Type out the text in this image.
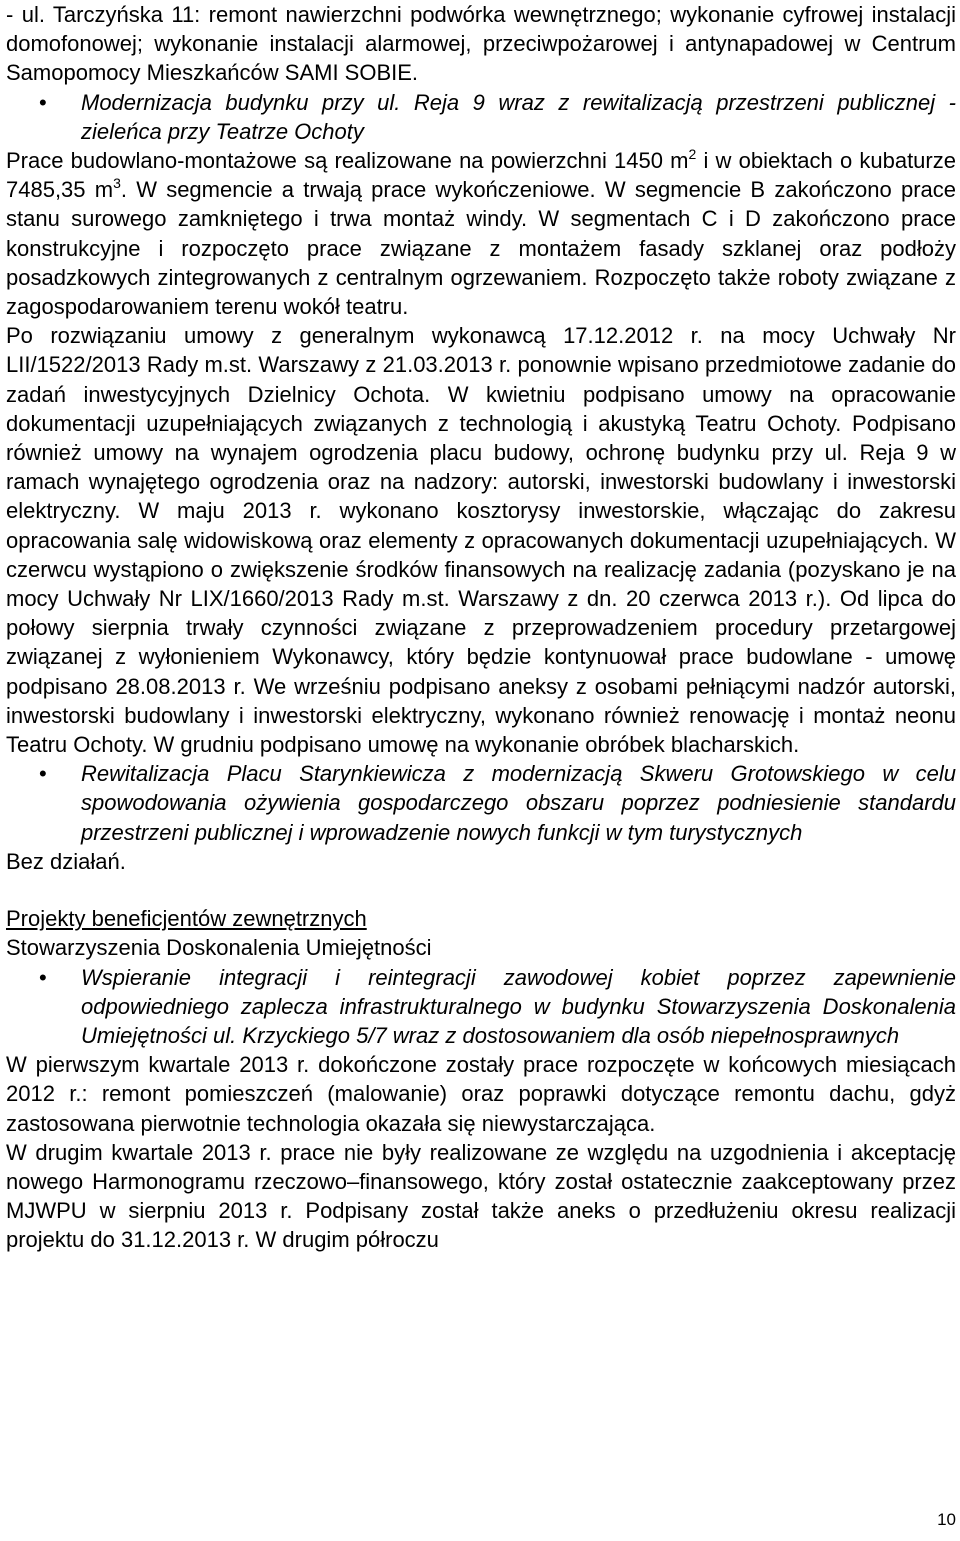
- ul. Tarczyńska 11: remont nawierzchni podwórka wewnętrznego; wykonanie cyfrowej instalacji domofonowej; wykonanie instalacji alarmowej, przeciwpożarowej i antynapadowej w Centrum Samopomocy Mieszkańców SAMI SOBIE.

• Modernizacja budynku przy ul. Reja 9 wraz z rewitalizacją przestrzeni publicznej - zieleńca przy Teatrze Ochoty

Prace budowlano-montażowe są realizowane na powierzchni 1450 $m^2$ i w obiektach o kubaturze 7485,35 $m^3$. W segmencie a trwają prace wykończeniowe. W segmencie B zakończono prace stanu surowego zamkniętego i trwa montaż windy. W segmentach C i D zakończono prace konstrukcyjne i rozpoczęto prace związane z montażem fasady szklanej oraz podłoży posadzkowych zintegrowanych z centralnym ogrzewaniem. Rozpoczęto także roboty związane z zagospodarowaniem terenu wokół teatru.

Po rozwiązaniu umowy z generalnym wykonawcą 17.12.2012 r. na mocy Uchwały Nr LII/1522/2013 Rady m.st. Warszawy z 21.03.2013 r. ponownie wpisano przedmiotowe zadanie do zadań inwestycyjnych Dzielnicy Ochota. W kwietniu podpisano umowy na opracowanie dokumentacji uzupełniających związanych z technologią i akustyką Teatru Ochoty. Podpisano również umowy na wynajem ogrodzenia placu budowy, ochronę budynku przy ul. Reja 9 w ramach wynajętego ogrodzenia oraz na nadzory: autorski, inwestorski budowlany i inwestorski elektryczny. W maju 2013 r. wykonano kosztorysy inwestorskie, włączając do zakresu opracowania salę widowiskową oraz elementy z opracowanych dokumentacji uzupełniających. W czerwcu wystąpiono o zwiększenie środków finansowych na realizację zadania (pozyskano je na mocy Uchwały Nr LIX/1660/2013 Rady m.st. Warszawy z dn. 20 czerwca 2013 r.). Od lipca do połowy sierpnia trwały czynności związane z przeprowadzeniem procedury przetargowej związanej z wyłonieniem Wykonawcy, który będzie kontynuował prace budowlane - umowę podpisano 28.08.2013 r. We wrześniu podpisano aneksy z osobami pełniącymi nadzór autorski, inwestorski budowlany i inwestorski elektryczny, wykonano również renowację i montaż neonu Teatru Ochoty. W grudniu podpisano umowę na wykonanie obróbek blacharskich.

• Rewitalizacja Placu Starynkiewicza z modernizacją Skweru Grotowskiego w celu spowodowania ożywienia gospodarczego obszaru poprzez podniesienie standardu przestrzeni publicznej i wprowadzenie nowych funkcji w tym turystycznych

Bez działań.

Projekty beneficjentów zewnętrznych

Stowarzyszenia Doskonalenia Umiejętności

• Wspieranie integracji i reintegracji zawodowej kobiet poprzez zapewnienie odpowiedniego zaplecza infrastrukturalnego w budynku Stowarzyszenia Doskonalenia Umiejętności ul. Krzyckiego 5/7 wraz z dostosowaniem dla osób niepełnosprawnych

W pierwszym kwartale 2013 r. dokończone zostały prace rozpoczęte w końcowych miesiącach 2012 r.: remont pomieszczeń (malowanie) oraz poprawki dotyczące remontu dachu, gdyż zastosowana pierwotnie technologia okazała się niewystarczająca.

W drugim kwartale 2013 r. prace nie były realizowane ze względu na uzgodnienia i akceptację nowego Harmonogramu rzeczowo–finansowego, który został ostatecznie zaakceptowany przez MJWPU w sierpniu 2013 r. Podpisany został także aneks o przedłużeniu okresu realizacji projektu do 31.12.2013 r. W drugim półroczu

10
